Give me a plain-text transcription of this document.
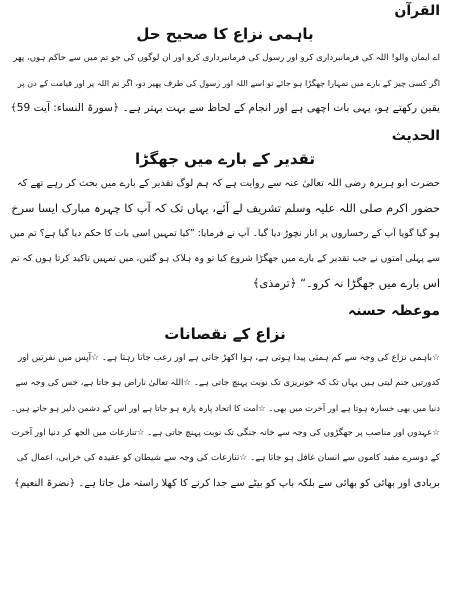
القرآن
باہمی نزاع کا صحیح حل
اے ایمان والو! اللہ کی فرمانبرداری کرو اور رسول کی فرمانبرداری کرو اور ان لوگوں کی جو تم میں سے حاکم ہوں، پھر
اگر کسی چیز کے بارے میں تمہارا جھگڑا ہو جائے تو اسے اللہ اور رسول کی طرف پھیر دو، اگر تم اللہ پر اور قیامت کے دن پر
یقین رکھتے ہو، یہی بات اچھی ہے اور انجام کے لحاظ سے بہت بہتر ہے۔ ﴿سورۃ النساء: آیت 59﴾
الحدیث
تقدیر کے بارے میں جھگڑا
حضرت ابو ہریرہ رضی اللہ تعالیٰ عنہ سے روایت ہے کہ ہم لوگ تقدیر کے بارے میں بحث کر رہے تھے کہ
حضور اکرم صلی اللہ علیہ وسلم تشریف لے آئے، یہاں تک کہ آپ کا چہرہ مبارک ایسا سرخ
ہو گیا گویا آپ کے رخساروں پر انار نچوڑ دیا گیا۔ آپ نے فرمایا: ”کیا تمہیں اسی بات کا حکم دیا گیا ہے؟ تم میں
سے پہلی امتوں نے جب تقدیر کے بارے میں جھگڑا شروع کیا تو وہ ہلاک ہو گئیں، میں تمہیں تاکید کرتا ہوں کہ تم
اس بارے میں جھگڑا نہ کرو۔“ ﴿ترمذی﴾
موعظہ حسنہ
نزاع کے نقصانات
☆باہمی نزاع کی وجہ سے کم ہمتی پیدا ہوتی ہے، ہوا اکھڑ جاتی ہے اور رعب جاتا رہتا ہے۔ ☆آپس میں نفرتیں اور
کدورتیں جنم لیتی ہیں یہاں تک کہ خونریزی تک نوبت پہنچ جاتی ہے۔ ☆اللہ تعالیٰ ناراض ہو جاتا ہے، جس کی وجہ سے
دنیا میں بھی خسارہ ہوتا ہے اور آخرت میں بھی۔ ☆امت کا اتحاد پارہ پارہ ہو جاتا ہے اور اس کے دشمن دلیر ہو جاتے ہیں۔
☆عہدوں اور مناصب پر جھگڑوں کی وجہ سے خانہ جنگی تک نوبت پہنچ جاتی ہے۔ ☆تنازعات میں الجھ کر دنیا اور آخرت
کے دوسرے مفید کاموں سے انسان غافل ہو جاتا ہے۔ ☆تنازعات کی وجہ سے شیطان کو عقیدہ کی خرابی، اعمال کی
بربادی اور بھائی کو بھائی سے بلکہ باپ کو بیٹے سے جدا کرنے کا کھلا راستہ مل جاتا ہے۔ ﴿نضرۃ النعیم﴾
